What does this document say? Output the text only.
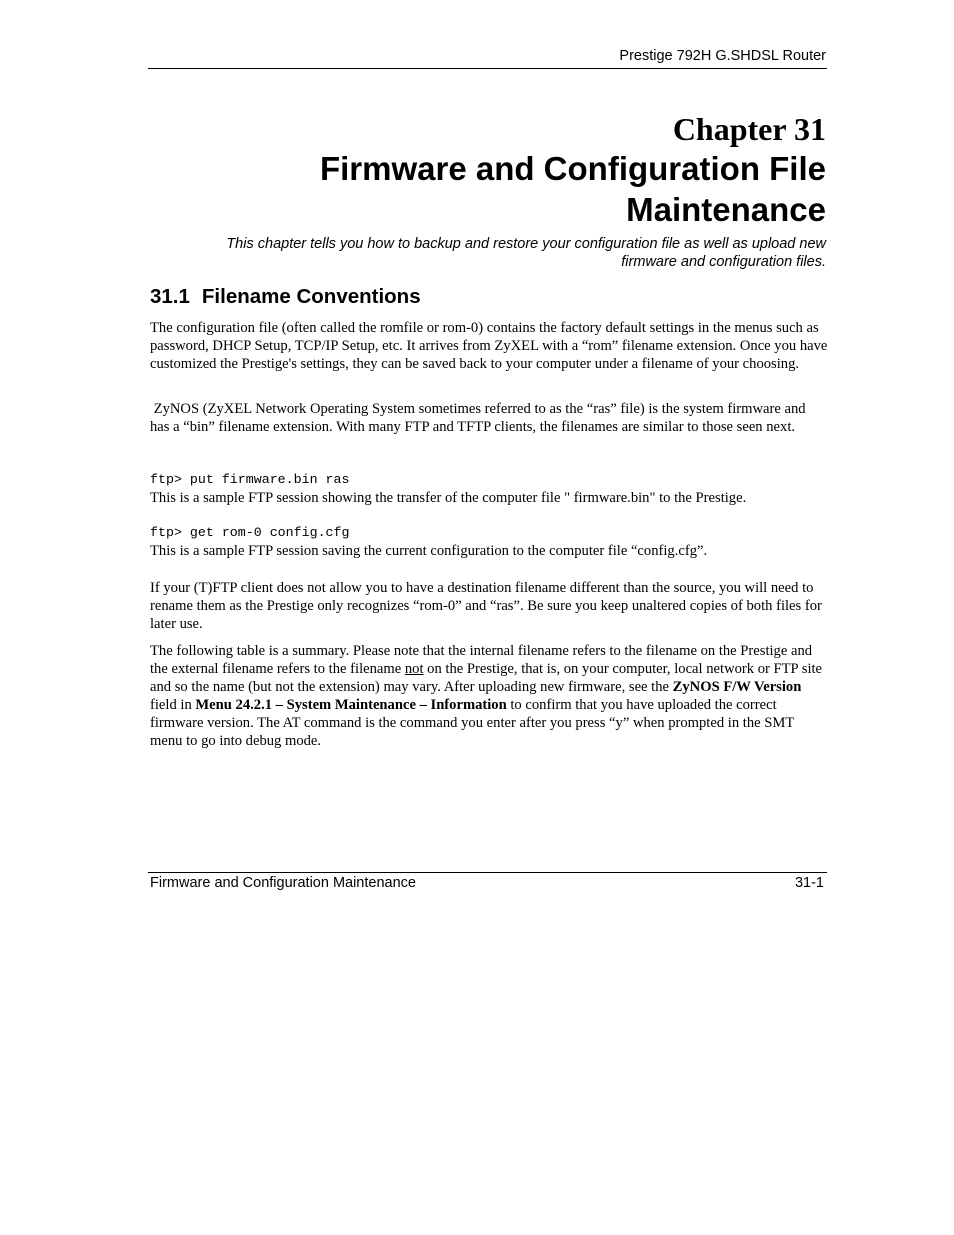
Prestige 792H G.SHDSL Router
Chapter 31
Firmware and Configuration File
Maintenance
This chapter tells you how to backup and restore your configuration file as well as upload new firmware and configuration files.
31.1 Filename Conventions

The configuration file (often called the romfile or rom-0) contains the factory default settings in the menus such as password, DHCP Setup, TCP/IP Setup, etc. It arrives from ZyXEL with a “rom” filename extension. Once you have customized the Prestige's settings, they can be saved back to your computer under a filename of your choosing.

ZyNOS (ZyXEL Network Operating System sometimes referred to as the “ras” file) is the system firmware and has a “bin” filename extension. With many FTP and TFTP clients, the filenames are similar to those seen next.

ftp> put firmware.bin ras
This is a sample FTP session showing the transfer of the computer file " firmware.bin" to the Prestige.
ftp> get rom-0 config.cfg
This is a sample FTP session saving the current configuration to the computer file “config.cfg”.

If your (T)FTP client does not allow you to have a destination filename different than the source, you will need to rename them as the Prestige only recognizes “rom-0” and “ras”. Be sure you keep unaltered copies of both files for later use.

The following table is a summary. Please note that the internal filename refers to the filename on the Prestige and the external filename refers to the filename not on the Prestige, that is, on your computer, local network or FTP site and so the name (but not the extension) may vary. After uploading new firmware, see the ZyNOS F/W Version field in Menu 24.2.1 – System Maintenance – Information to confirm that you have uploaded the correct firmware version. The AT command is the command you enter after you press “y” when prompted in the SMT menu to go into debug mode.

Firmware and Configuration Maintenance	31-1
